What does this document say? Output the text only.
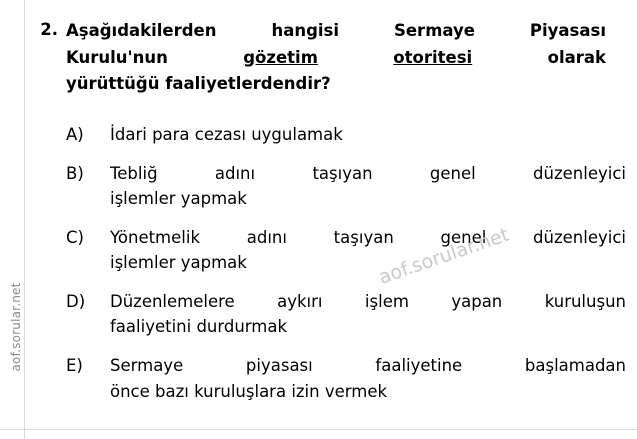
aof.sorular.net
2. Aşağıdakilerden hangisi Sermaye Piyasası
Kurulu'nun	gözetim	otoritesi	olarak
yürüttüğü faaliyetlerdendir?
A)	İdari para cezası uygulamak
B)	Tebliğ adını taşıyan genel düzenleyici
işlemler yapmak
C)	Yönetmelik adını taşıyan genel düzenleyici
işlemler yapmak
D)	Düzenlemelere aykırı işlem yapan kuruluşun
faaliyetini durdurmak
E)	Sermaye piyasası faaliyetine başlamadan
önce bazı kuruluşlara izin vermek
aof.sorular.net
